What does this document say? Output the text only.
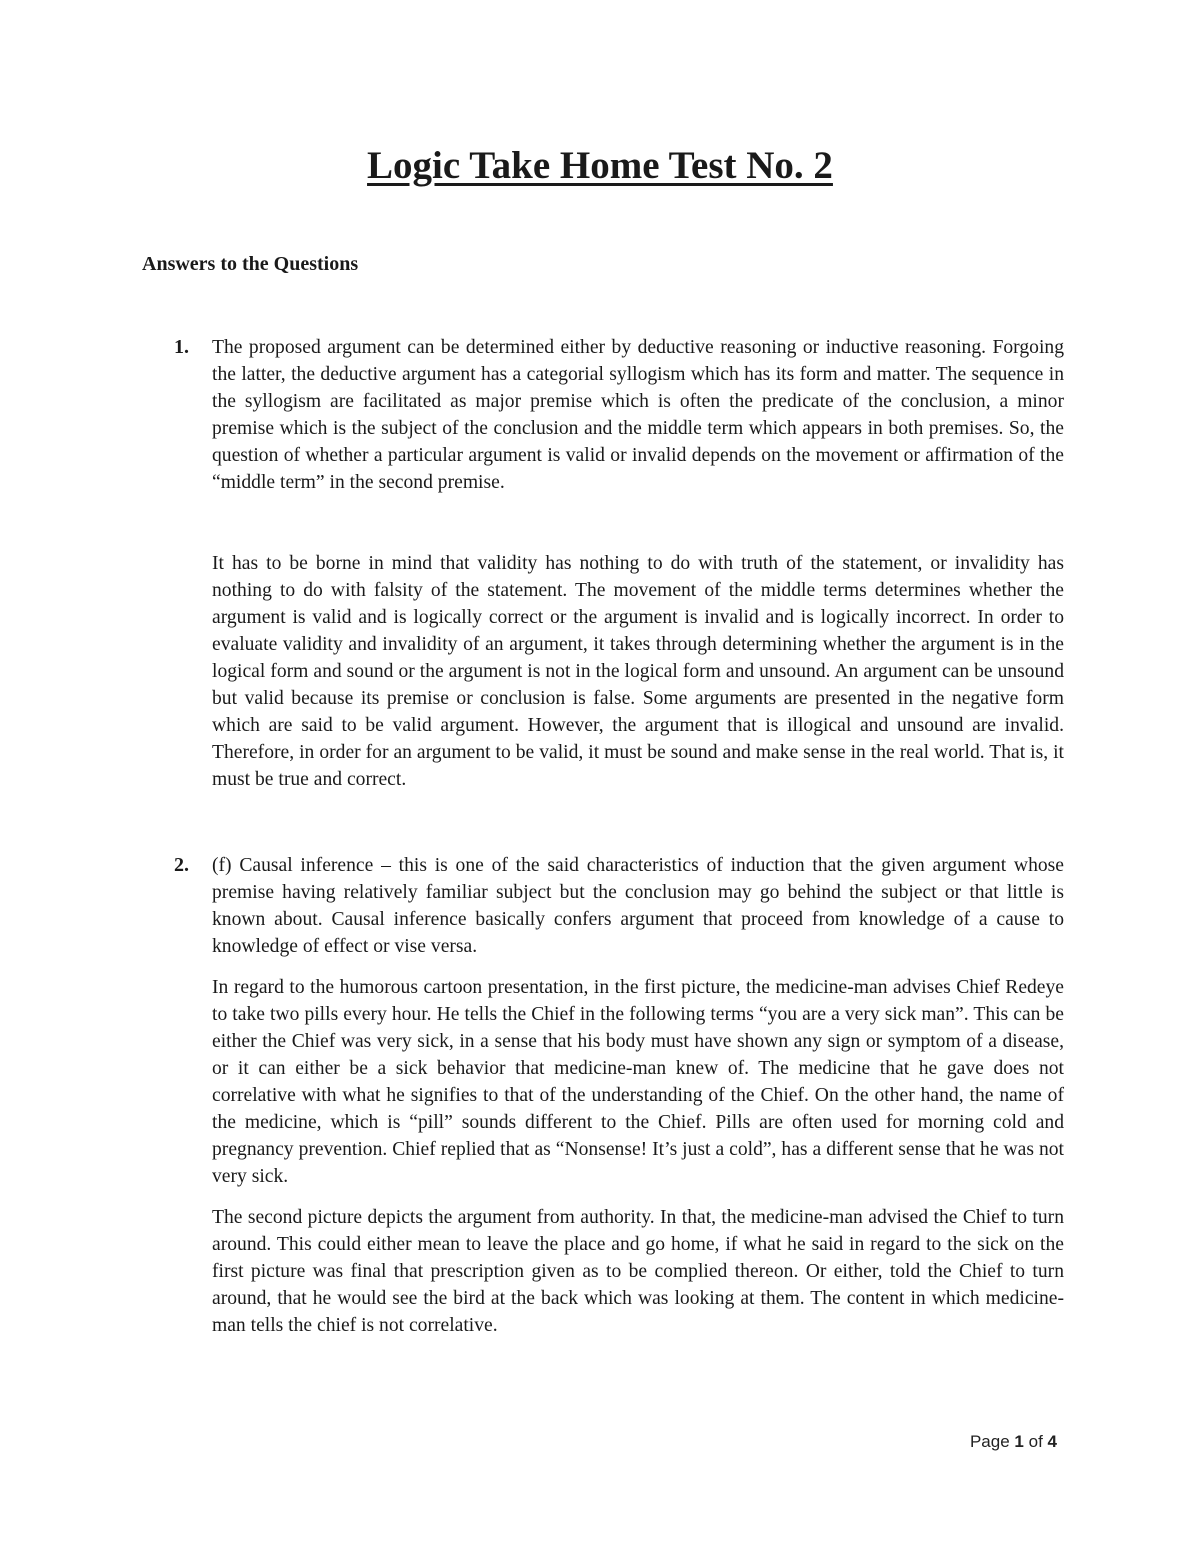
Logic Take Home Test No. 2

Answers to the Questions

1.	The proposed argument can be determined either by deductive reasoning or inductive reasoning. Forgoing the latter, the deductive argument has a categorial syllogism which has its form and matter. The sequence in the syllogism are facilitated as major premise which is often the predicate of the conclusion, a minor premise which is the subject of the conclusion and the middle term which appears in both premises. So, the question of whether a particular argument is valid or invalid depends on the movement or affirmation of the “middle term” in the second premise.

It has to be borne in mind that validity has nothing to do with truth of the statement, or invalidity has nothing to do with falsity of the statement. The movement of the middle terms determines whether the argument is valid and is logically correct or the argument is invalid and is logically incorrect. In order to evaluate validity and invalidity of an argument, it takes through determining whether the argument is in the logical form and sound or the argument is not in the logical form and unsound. An argument can be unsound but valid because its premise or conclusion is false. Some arguments are presented in the negative form which are said to be valid argument. However, the argument that is illogical and unsound are invalid. Therefore, in order for an argument to be valid, it must be sound and make sense in the real world. That is, it must be true and correct.

2.	(f) Causal inference – this is one of the said characteristics of induction that the given argument whose premise having relatively familiar subject but the conclusion may go behind the subject or that little is known about. Causal inference basically confers argument that proceed from knowledge of a cause to knowledge of effect or vise versa.

In regard to the humorous cartoon presentation, in the first picture, the medicine-man advises Chief Redeye to take two pills every hour. He tells the Chief in the following terms “you are a very sick man”. This can be either the Chief was very sick, in a sense that his body must have shown any sign or symptom of a disease, or it can either be a sick behavior that medicine-man knew of. The medicine that he gave does not correlative with what he signifies to that of the understanding of the Chief. On the other hand, the name of the medicine, which is “pill” sounds different to the Chief. Pills are often used for morning cold and pregnancy prevention. Chief replied that as “Nonsense! It’s just a cold”, has a different sense that he was not very sick.

The second picture depicts the argument from authority. In that, the medicine-man advised the Chief to turn around. This could either mean to leave the place and go home, if what he said in regard to the sick on the first picture was final that prescription given as to be complied thereon. Or either, told the Chief to turn around, that he would see the bird at the back which was looking at them. The content in which medicine-man tells the chief is not correlative.

Page 1 of 4
